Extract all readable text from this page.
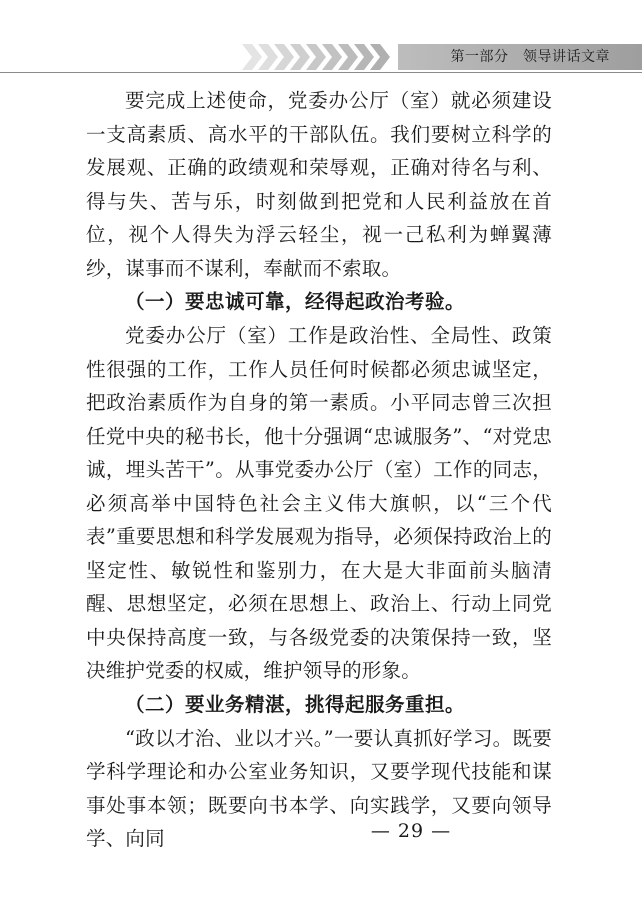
第一部分　领导讲话文章

要完成上述使命，党委办公厅（室）就必须建设一支高素质、高水平的干部队伍。我们要树立科学的发展观、正确的政绩观和荣辱观，正确对待名与利、得与失、苦与乐，时刻做到把党和人民利益放在首位，视个人得失为浮云轻尘，视一己私利为蝉翼薄纱，谋事而不谋利，奉献而不索取。

（一）要忠诚可靠，经得起政治考验。

党委办公厅（室）工作是政治性、全局性、政策性很强的工作，工作人员任何时候都必须忠诚坚定，把政治素质作为自身的第一素质。小平同志曾三次担任党中央的秘书长，他十分强调“忠诚服务”、“对党忠诚，埋头苦干”。从事党委办公厅（室）工作的同志，必须高举中国特色社会主义伟大旗帜，以“三个代表”重要思想和科学发展观为指导，必须保持政治上的坚定性、敏锐性和鉴别力，在大是大非面前头脑清醒、思想坚定，必须在思想上、政治上、行动上同党中央保持高度一致，与各级党委的决策保持一致，坚决维护党委的权威，维护领导的形象。

（二）要业务精湛，挑得起服务重担。

“政以才治、业以才兴。”一要认真抓好学习。既要学科学理论和办公室业务知识，又要学现代技能和谋事处事本领；既要向书本学、向实践学，又要向领导学、向同	— 29 —
